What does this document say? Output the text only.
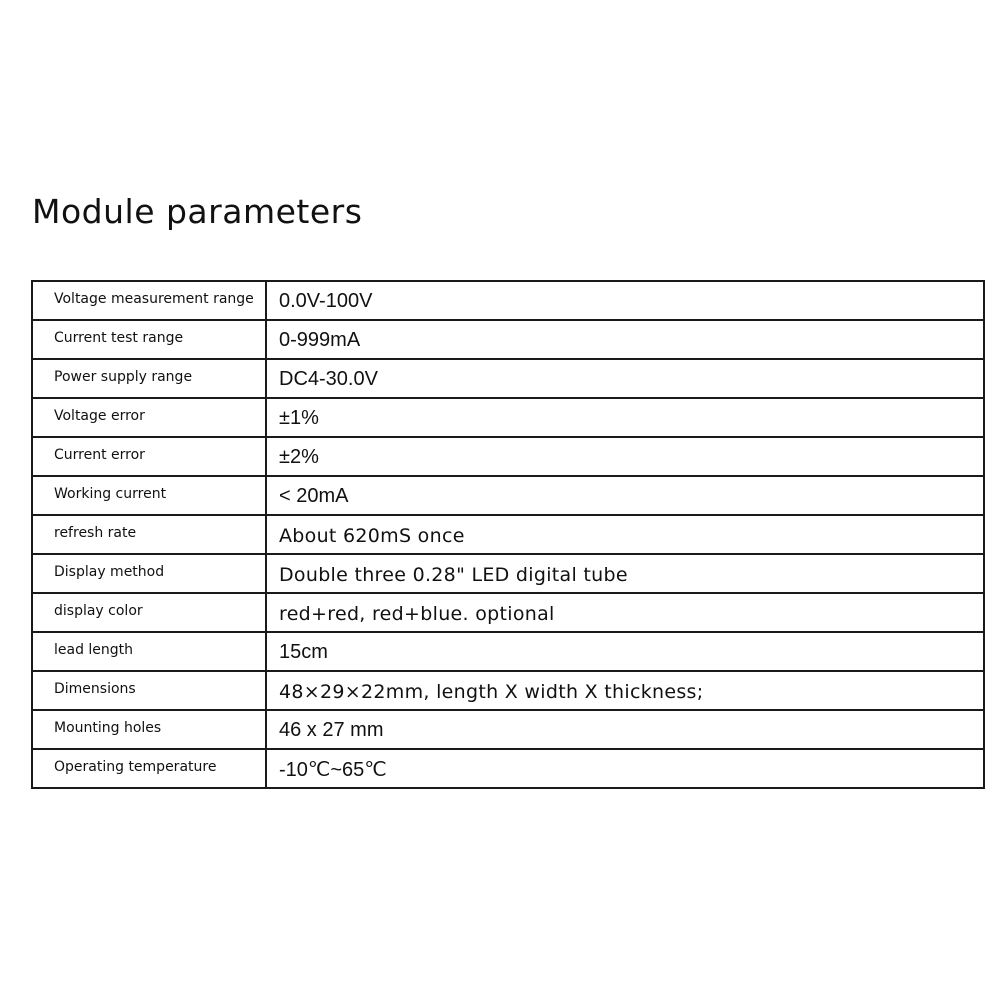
Module parameters
Voltage measurement range	0.0V-100V
Current test range	0-999mA
Power supply range	DC4-30.0V
Voltage error	±1%
Current error	±2%
Working current	< 20mA
refresh rate	About 620mS once
Display method	Double three 0.28" LED digital tube
display color	red+red, red+blue. optional
lead length	15cm
Dimensions	48×29×22mm, length X width X thickness;
Mounting holes	46 x 27 mm
Operating temperature	-10℃~65℃
